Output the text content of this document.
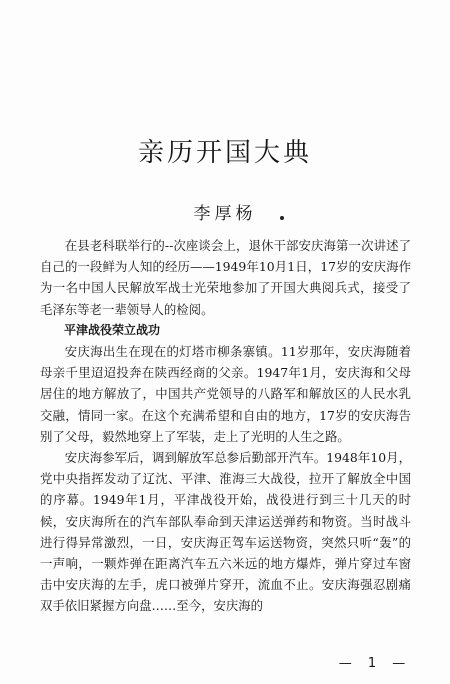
亲历开国大典
李厚杨

在县老科联举行的--次座谈会上，退休干部安庆海第一次讲述了自己的一段鲜为人知的经历——1949年10月1日，17岁的安庆海作为一名中国人民解放军战士光荣地参加了开国大典阅兵式，接受了毛泽东等老一辈领导人的检阅。

平津战役荣立战功

安庆海出生在现在的灯塔市柳条寨镇。11岁那年，安庆海随着母亲千里迢迢投奔在陕西经商的父亲。1947年1月，安庆海和父母居住的地方解放了，中国共产党领导的八路军和解放区的人民水乳交融，情同一家。在这个充满希望和自由的地方，17岁的安庆海告别了父母，毅然地穿上了军装，走上了光明的人生之路。

安庆海参军后，调到解放军总参后勤部开汽车。1948年10月，党中央指挥发动了辽沈、平津、淮海三大战役，拉开了解放全中国的序幕。1949年1月，平津战役开始，战役进行到三十几天的时候，安庆海所在的汽车部队奉命到天津运送弹药和物资。当时战斗进行得异常激烈，一日，安庆海正驾车运送物资，突然只听“轰”的一声响，一颗炸弹在距离汽车五六米远的地方爆炸，弹片穿过车窗击中安庆海的左手，虎口被弹片穿开，流血不止。安庆海强忍剧痛双手依旧紧握方向盘……至今，安庆海的

— 1 —
